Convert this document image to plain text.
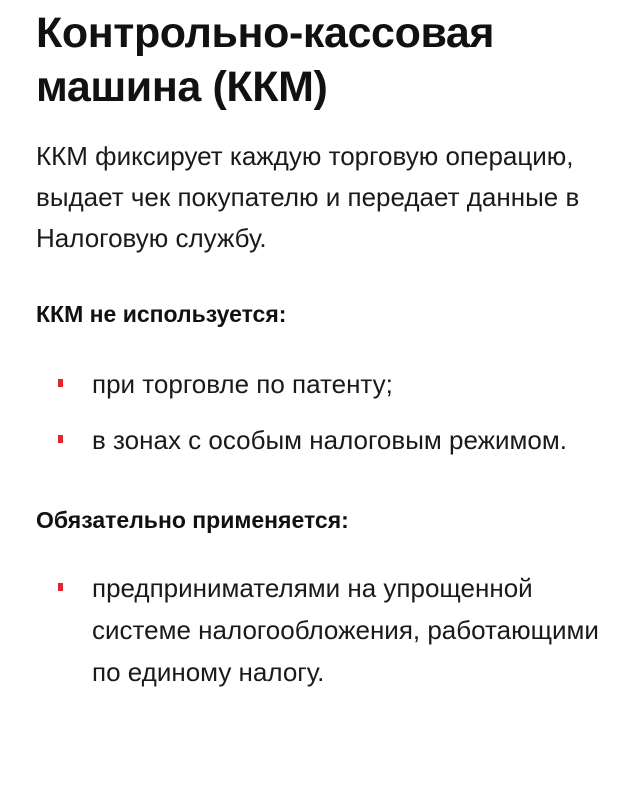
Контрольно-кассовая машина (ККМ)

ККМ фиксирует каждую торговую операцию, выдает чек покупателю и передает данные в Налоговую службу.

ККМ не используется:
при торговле по патенту;
в зонах с особым налоговым режимом.
Обязательно применяется:
предпринимателями на упрощенной системе налогообложения, работающими по единому налогу.
